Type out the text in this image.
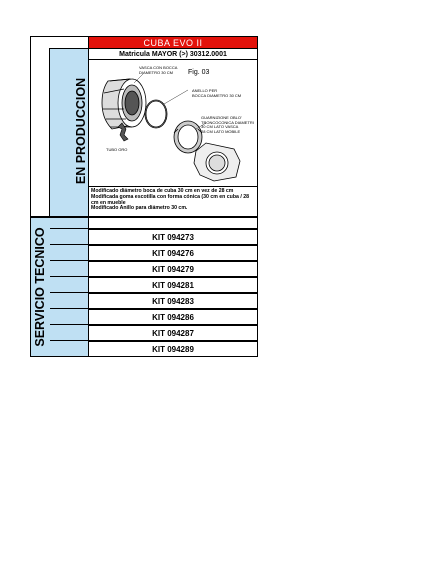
CUBA EVO II
Matricula MAYOR (>) 30312.0001
EN PRODUCCION
SERVICIO TECNICO
Fig. 03
VASCA CON BOCCA
DIAMETRO 30 CM
ANELLO PER
BOCCA DIAMETRO 30 CM
GUARNIZIONE OBLO'
TRONCOCONICA DIAMETRI
30 CM LATO VASCA
28 CM LATO MOBILE
TUBO ORO
Modificado diámetro boca de cuba 30 cm en vez de 28 cm
Modificada goma escotilla con forma cónica (30 cm en cuba / 28 cm en mueble
Modificado Anillo para diámetro 30 cm.
KIT 094273
KIT 094276
KIT 094279
KIT 094281
KIT 094283
KIT 094286
KIT 094287
KIT 094289
